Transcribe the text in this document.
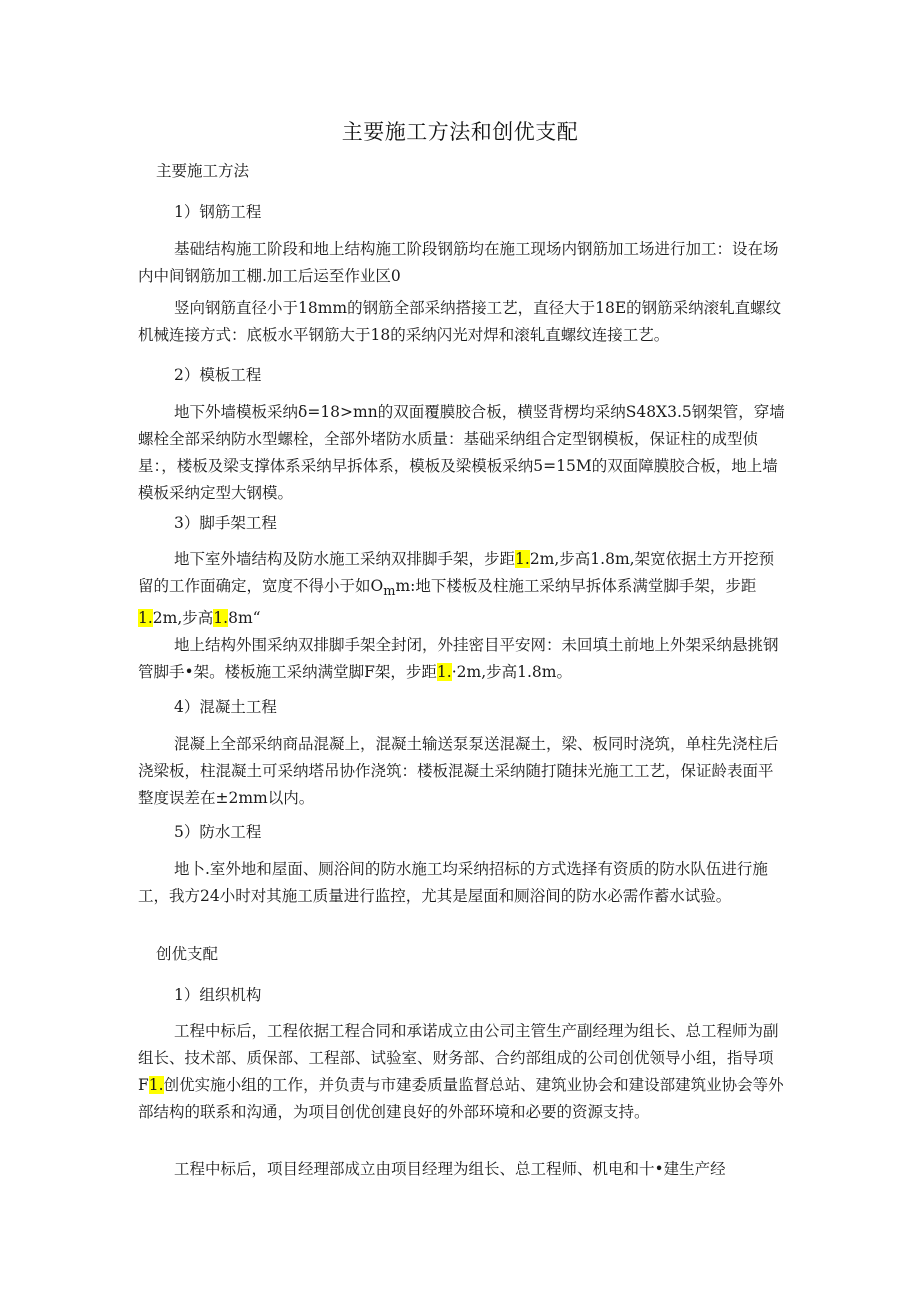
主要施工方法和创优支配

主要施工方法

1）钢筋工程

基础结构施工阶段和地上结构施工阶段钢筋均在施工现场内钢筋加工场进行加工：设在场内中间钢筋加工棚.加工后运至作业区0

竖向钢筋直径小于18mm的钢筋全部采纳搭接工艺，直径大于18E的钢筋采纳滚轧直螺纹机械连接方式：底板水平钢筋大于18的采纳闪光对焊和滚轧直螺纹连接工艺。

2）模板工程

地下外墙模板采纳δ=18>mn的双面覆膜胶合板，横竖背楞均采纳S48X3.5钢架管，穿墙螺栓全部采纳防水型螺栓，全部外堵防水质量：基础采纳组合定型钢模板，保证柱的成型侦星：，楼板及梁支撑体系采纳早拆体系，模板及梁模板采纳5=15M的双面障膜胶合板，地上墙模板采纳定型大钢模。

3）脚手架工程

地下室外墙结构及防水施工采纳双排脚手架，步距1.2m,步高1.8m,架宽依据土方开挖预留的工作面确定，宽度不得小于如$O_mm$:地下楼板及柱施工采纳早拆体系满堂脚手架，步距1.2m,步高1.8m“

地上结构外围采纳双排脚手架全封闭，外挂密目平安网：未回填土前地上外架采纳悬挑钢管脚手•架。楼板施工采纳满堂脚F架，步距1.·2m,步高1.8m。

4）混凝土工程

混凝上全部采纳商品混凝上，混凝土输送泵泵送混凝土，梁、板同时浇筑，单柱先浇柱后浇梁板，柱混凝土可采纳塔吊协作浇筑：楼板混凝土采纳随打随抹光施工工艺，保证龄表面平整度误差在±2mm以内。

5）防水工程

地卜.室外地和屋面、厕浴间的防水施工均采纳招标的方式选择有资质的防水队伍进行施工，我方24小时对其施工质量进行监控，尤其是屋面和厕浴间的防水必需作蓄水试验。

创优支配

1）组织机构

工程中标后，工程依据工程合同和承诺成立由公司主管生产副经理为组长、总工程师为副组长、技术部、质保部、工程部、试验室、财务部、合约部组成的公司创优领导小组，指导项F1.创优实施小组的工作，并负责与市建委质量监督总站、建筑业协会和建设部建筑业协会等外部结构的联系和沟通，为项目创优创建良好的外部环境和必要的资源支持。

工程中标后，项目经理部成立由项目经理为组长、总工程师、机电和十•建生产经
